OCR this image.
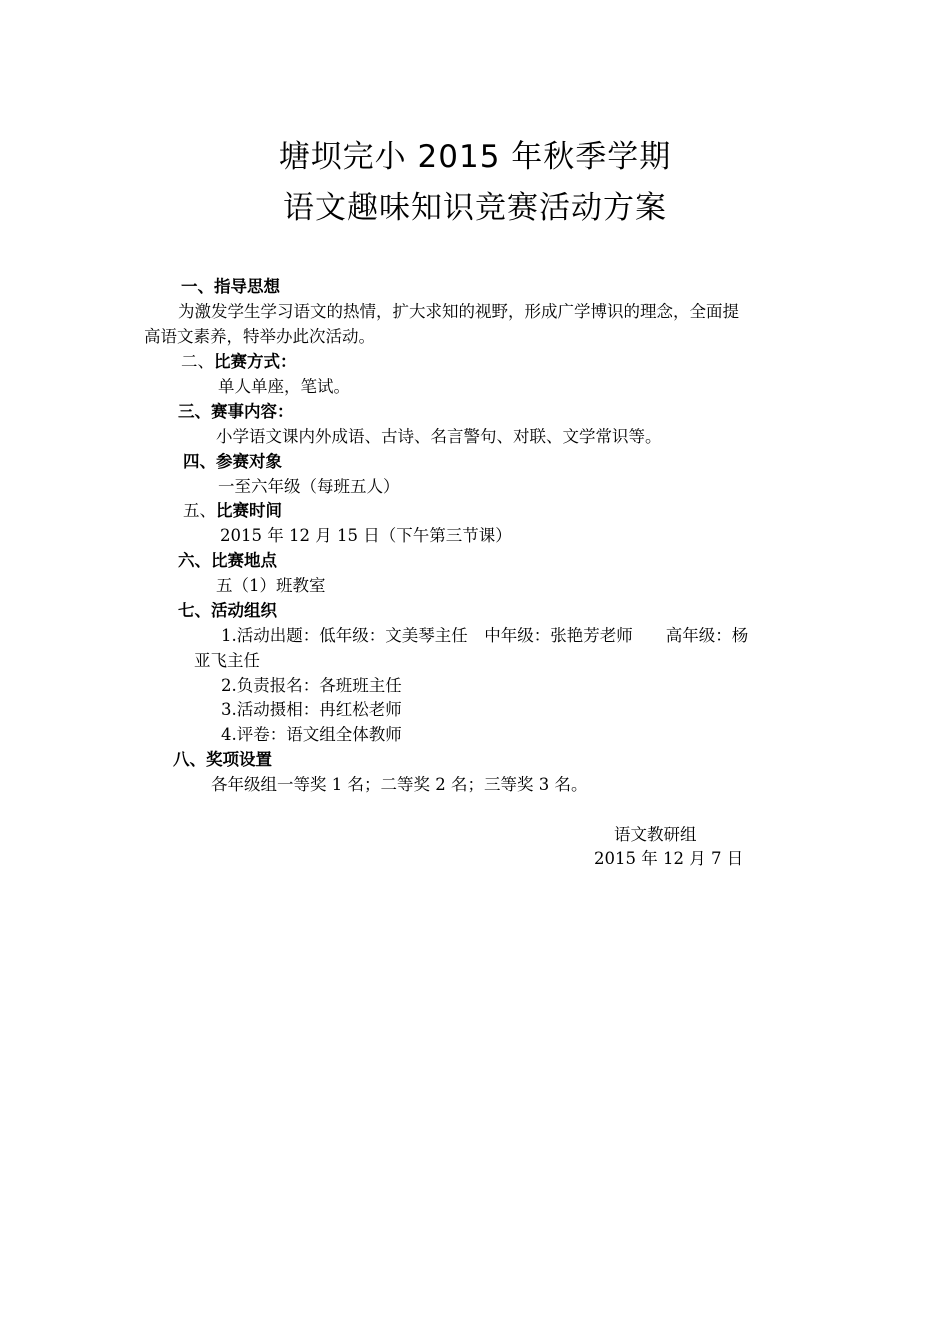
塘坝完小 2015 年秋季学期
语文趣味知识竞赛活动方案
一、指导思想
为激发学生学习语文的热情，扩大求知的视野，形成广学博识的理念，全面提
高语文素养，特举办此次活动。
二、比赛方式：
单人单座，笔试。
三、赛事内容：
小学语文课内外成语、古诗、名言警句、对联、文学常识等。
四、参赛对象
一至六年级（每班五人）
五、比赛时间
2015 年 12 月 15 日（下午第三节课）
六、比赛地点
五（1）班教室
七、活动组织
1.活动出题：低年级：文美琴主任　中年级：张艳芳老师　　高年级：杨
亚飞主任
2.负责报名：各班班主任
3.活动摄相：冉红松老师
4.评卷：语文组全体教师
八、奖项设置
各年级组一等奖 1 名；二等奖 2 名；三等奖 3 名。
语文教研组
2015 年 12 月 7 日
